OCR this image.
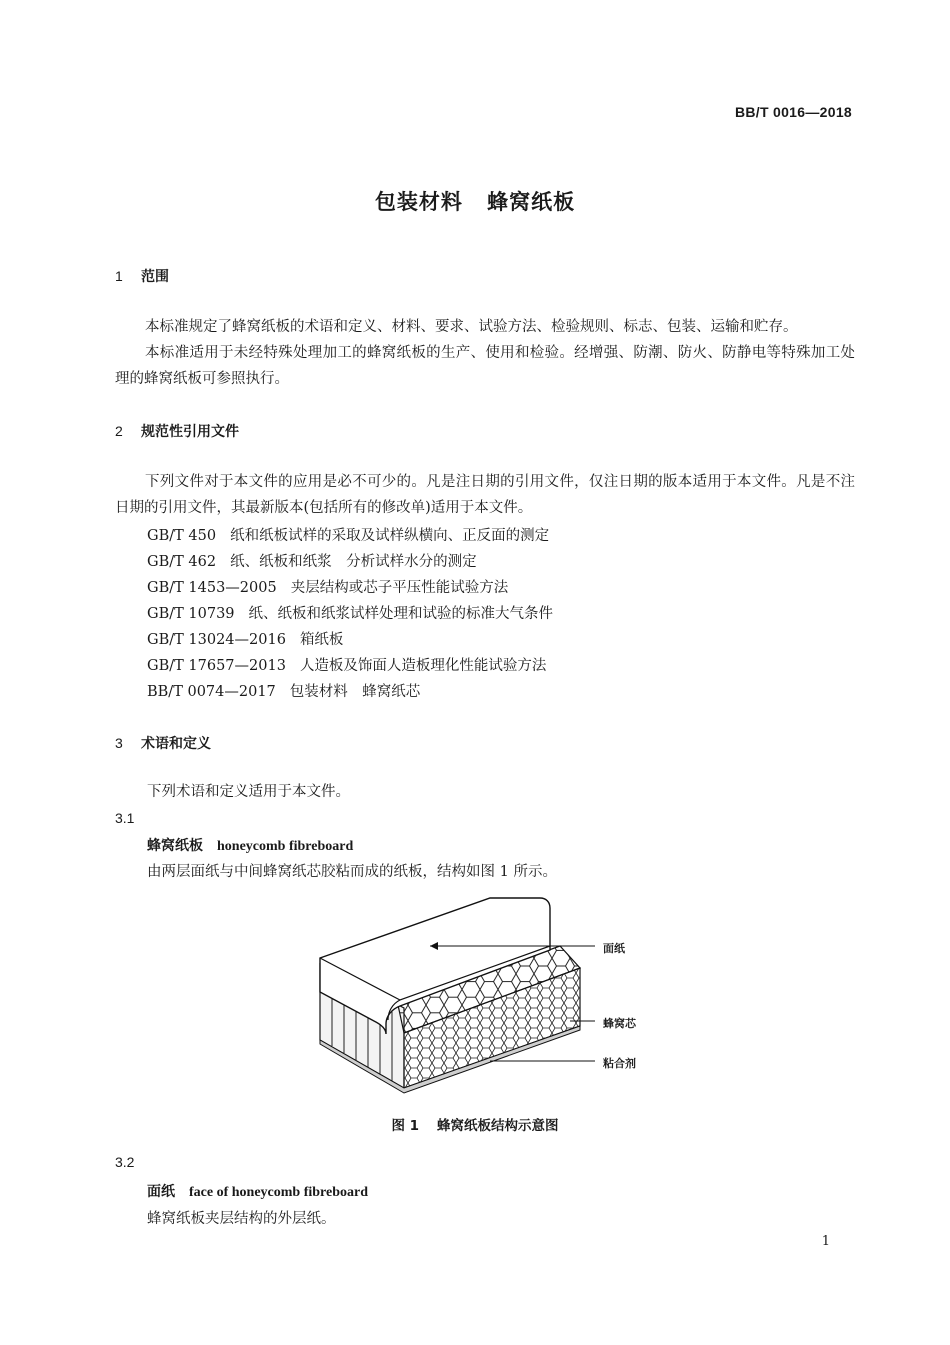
BB/T 0016—2018
包装材料 蜂窝纸板
1 范围
本标准规定了蜂窝纸板的术语和定义、材料、要求、试验方法、检验规则、标志、包装、运输和贮存。
本标准适用于未经特殊处理加工的蜂窝纸板的生产、使用和检验。经增强、防潮、防火、防静电等特殊加工处理的蜂窝纸板可参照执行。
2 规范性引用文件
下列文件对于本文件的应用是必不可少的。凡是注日期的引用文件，仅注日期的版本适用于本文件。凡是不注日期的引用文件，其最新版本(包括所有的修改单)适用于本文件。
GB/T 450 纸和纸板试样的采取及试样纵横向、正反面的测定
GB/T 462 纸、纸板和纸浆　分析试样水分的测定
GB/T 1453—2005 夹层结构或芯子平压性能试验方法
GB/T 10739 纸、纸板和纸浆试样处理和试验的标准大气条件
GB/T 13024—2016 箱纸板
GB/T 17657—2013 人造板及饰面人造板理化性能试验方法
BB/T 0074—2017 包装材料　蜂窝纸芯
3 术语和定义
下列术语和定义适用于本文件。
3.1
蜂窝纸板 honeycomb fibreboard
由两层面纸与中间蜂窝纸芯胶粘而成的纸板，结构如图 1 所示。
面纸
蜂窝芯
粘合剂
图 1 蜂窝纸板结构示意图
3.2
面纸 face of honeycomb fibreboard
蜂窝纸板夹层结构的外层纸。
1
